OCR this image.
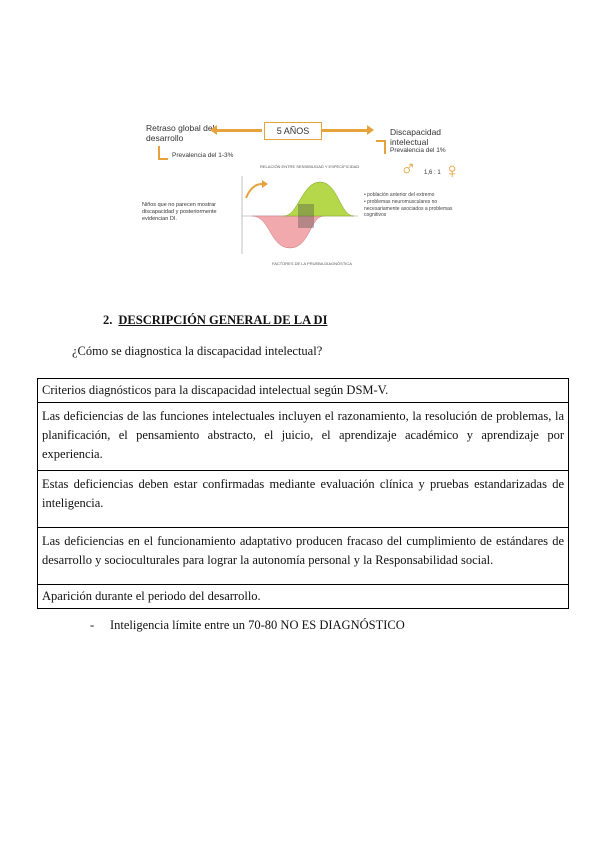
Retraso global del desarrollo
Prevalencia del 1-3%
5 AÑOS	Discapacidad intelectual
Prevalencia del 1%
♂ 1,6 : 1 ♀
Niños que no parecen mostrar discapacidad y posteriormente evidencian DI.
RELACIÓN ENTRE SENSIBILIDAD Y ESPECIFICIDAD
FACTORES DE LA PRUEBA DIAGNÓSTICA
• población anterior del extremo
• problemas neuromusculares no necesariamente asociados a problemas cognitivos
2. DESCRIPCIÓN GENERAL DE LA DI
¿Cómo se diagnostica la discapacidad intelectual?
Criterios diagnósticos para la discapacidad intelectual según DSM-V.
Las deficiencias de las funciones intelectuales incluyen el razonamiento, la resolución de problemas, la planificación, el pensamiento abstracto, el juicio, el aprendizaje académico y aprendizaje por experiencia.
Estas deficiencias deben estar confirmadas mediante evaluación clínica y pruebas estandarizadas de inteligencia.
Las deficiencias en el funcionamiento adaptativo producen fracaso del cumplimiento de estándares de desarrollo y socioculturales para lograr la autonomía personal y la Responsabilidad social.
Aparición durante el periodo del desarrollo.
- Inteligencia límite entre un 70-80 NO ES DIAGNÓSTICO
